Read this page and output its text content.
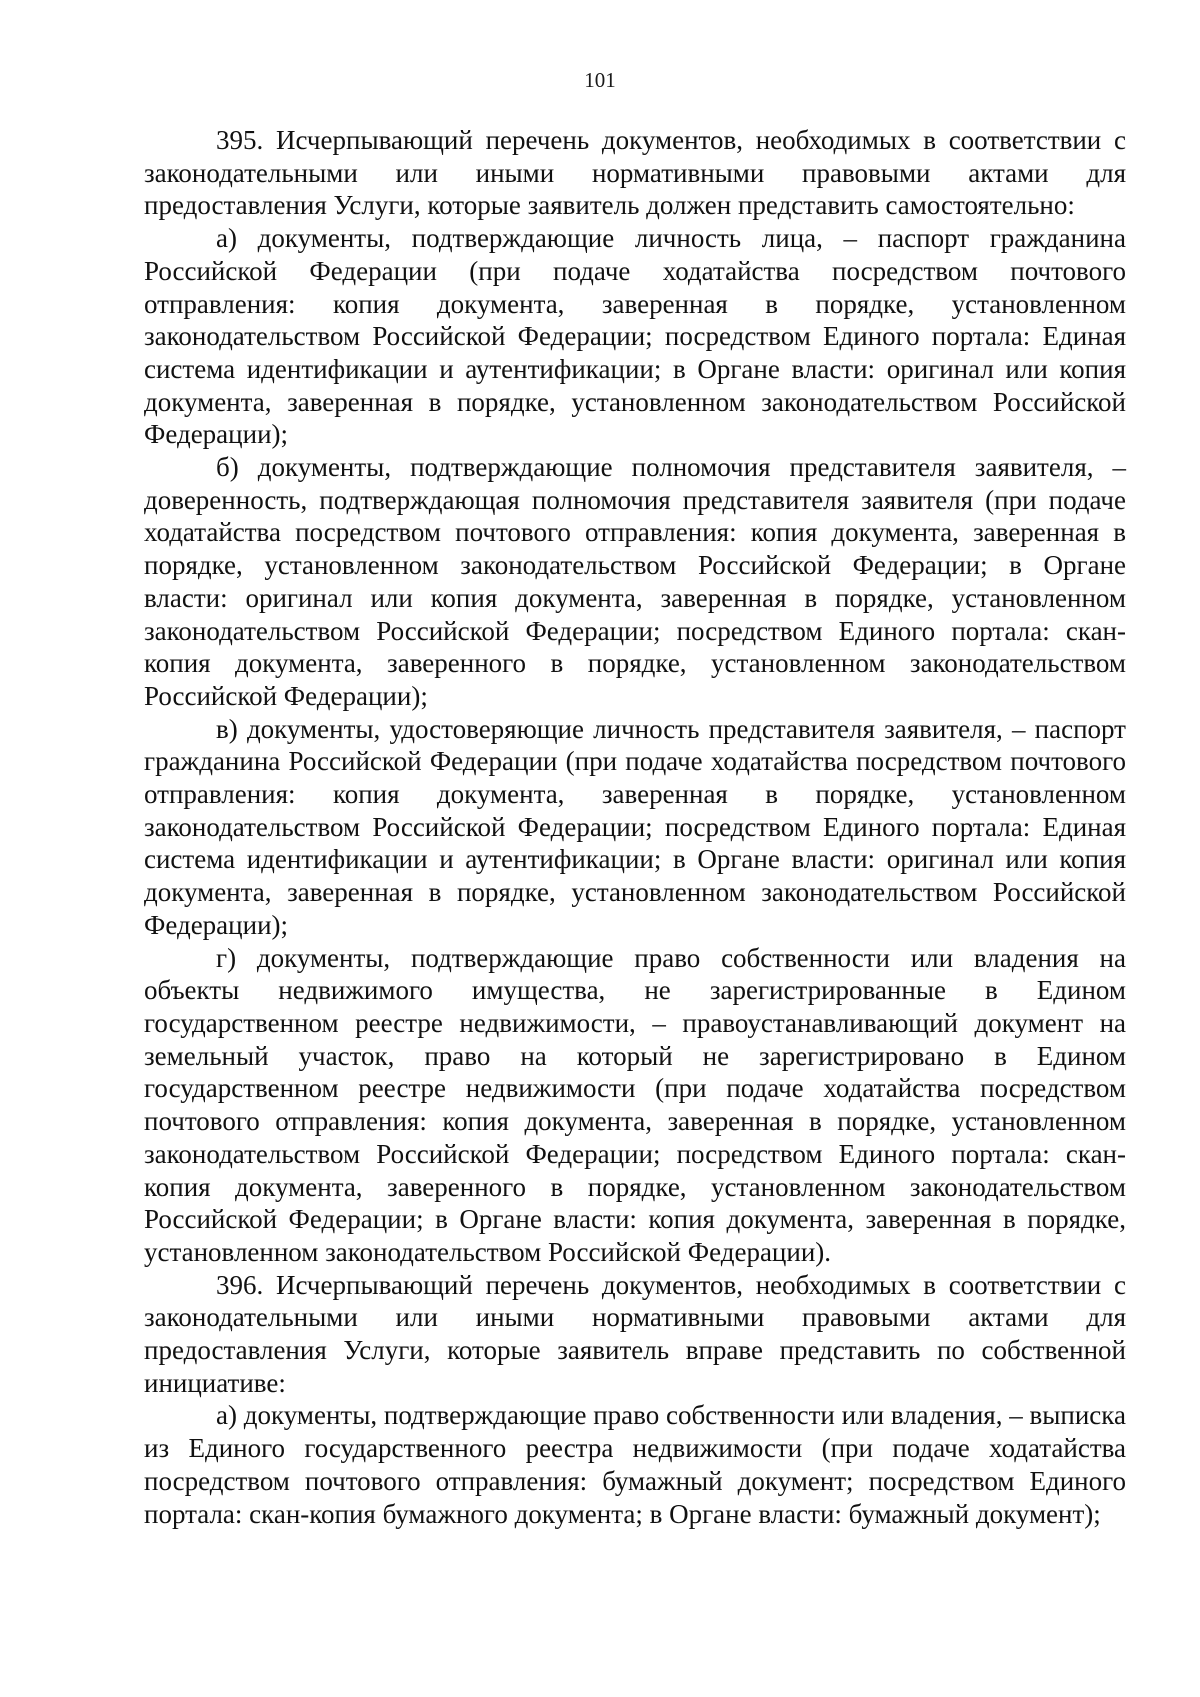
101

395. Исчерпывающий перечень документов, необходимых в соответствии с законодательными или иными нормативными правовыми актами для предоставления Услуги, которые заявитель должен представить самостоятельно:

а) документы, подтверждающие личность лица, – паспорт гражданина Российской Федерации (при подаче ходатайства посредством почтового отправления: копия документа, заверенная в порядке, установленном законодательством Российской Федерации; посредством Единого портала: Единая система идентификации и аутентификации; в Органе власти: оригинал или копия документа, заверенная в порядке, установленном законодательством Российской Федерации);

б) документы, подтверждающие полномочия представителя заявителя, – доверенность, подтверждающая полномочия представителя заявителя (при подаче ходатайства посредством почтового отправления: копия документа, заверенная в порядке, установленном законодательством Российской Федерации; в Органе власти: оригинал или копия документа, заверенная в порядке, установленном законодательством Российской Федерации; посредством Единого портала: скан-копия документа, заверенного в порядке, установленном законодательством Российской Федерации);

в) документы, удостоверяющие личность представителя заявителя, – паспорт гражданина Российской Федерации (при подаче ходатайства посредством почтового отправления: копия документа, заверенная в порядке, установленном законодательством Российской Федерации; посредством Единого портала: Единая система идентификации и аутентификации; в Органе власти: оригинал или копия документа, заверенная в порядке, установленном законодательством Российской Федерации);

г) документы, подтверждающие право собственности или владения на объекты недвижимого имущества, не зарегистрированные в Едином государственном реестре недвижимости, – правоустанавливающий документ на земельный участок, право на который не зарегистрировано в Едином государственном реестре недвижимости (при подаче ходатайства посредством почтового отправления: копия документа, заверенная в порядке, установленном законодательством Российской Федерации; посредством Единого портала: скан-копия документа, заверенного в порядке, установленном законодательством Российской Федерации; в Органе власти: копия документа, заверенная в порядке, установленном законодательством Российской Федерации).

396. Исчерпывающий перечень документов, необходимых в соответствии с законодательными или иными нормативными правовыми актами для предоставления Услуги, которые заявитель вправе представить по собственной инициативе:

а) документы, подтверждающие право собственности или владения, – выписка из Единого государственного реестра недвижимости (при подаче ходатайства посредством почтового отправления: бумажный документ; посредством Единого портала: скан-копия бумажного документа; в Органе власти: бумажный документ);
